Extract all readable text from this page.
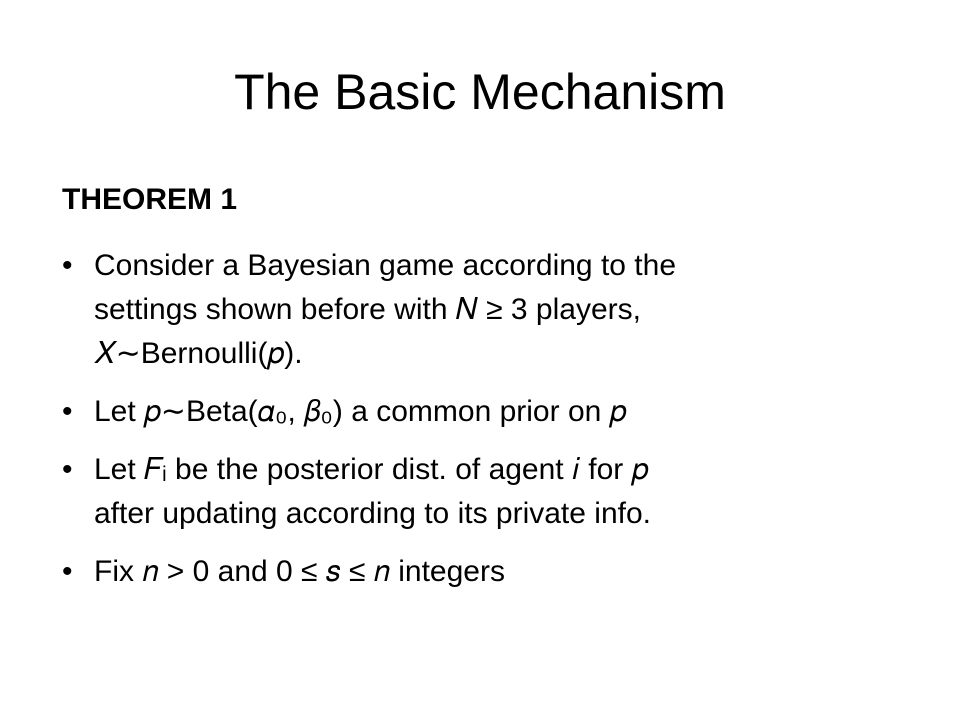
The Basic Mechanism
THEOREM 1
• Consider a Bayesian game according to the
settings shown before with 𝑁 ≥ 3 players,
𝑋∼Bernoulli(𝑝).
• Let 𝑝∼Beta(𝛼₀, 𝛽₀) a common prior on 𝑝
• Let 𝐹ᵢ be the posterior dist. of agent 𝑖 for 𝑝
after updating according to its private info.
• Fix 𝑛 > 0 and 0 ≤ 𝑠 ≤ 𝑛 integers
